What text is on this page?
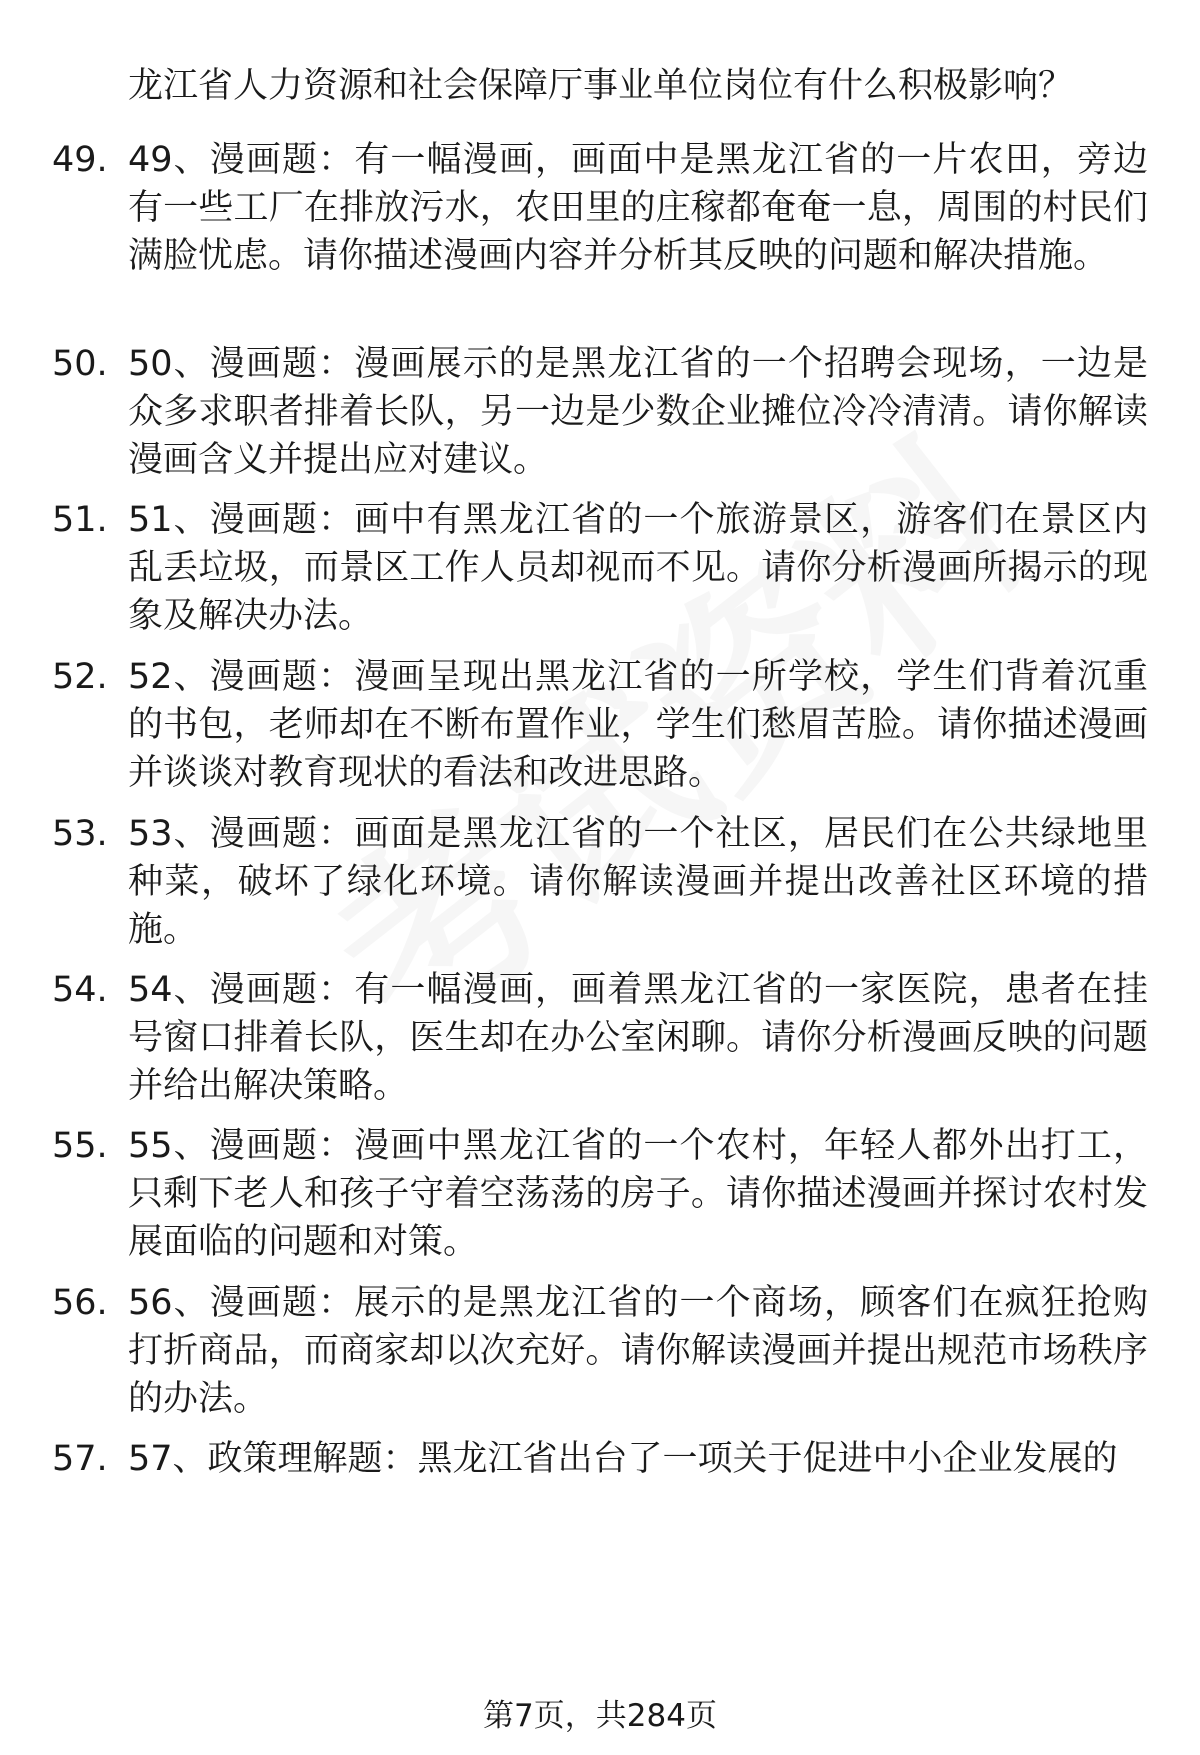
龙江省人力资源和社会保障厅事业单位岗位有什么积极影响？
49. 49、漫画题：有一幅漫画，画面中是黑龙江省的一片农田，旁边有一些工厂在排放污水，农田里的庄稼都奄奄一息，周围的村民们满脸忧虑。请你描述漫画内容并分析其反映的问题和解决措施。
50. 50、漫画题：漫画展示的是黑龙江省的一个招聘会现场，一边是众多求职者排着长队，另一边是少数企业摊位冷冷清清。请你解读漫画含义并提出应对建议。
51. 51、漫画题：画中有黑龙江省的一个旅游景区，游客们在景区内乱丢垃圾，而景区工作人员却视而不见。请你分析漫画所揭示的现象及解决办法。
52. 52、漫画题：漫画呈现出黑龙江省的一所学校，学生们背着沉重的书包，老师却在不断布置作业，学生们愁眉苦脸。请你描述漫画并谈谈对教育现状的看法和改进思路。
53. 53、漫画题：画面是黑龙江省的一个社区，居民们在公共绿地里种菜，破坏了绿化环境。请你解读漫画并提出改善社区环境的措施。
54. 54、漫画题：有一幅漫画，画着黑龙江省的一家医院，患者在挂号窗口排着长队，医生却在办公室闲聊。请你分析漫画反映的问题并给出解决策略。
55. 55、漫画题：漫画中黑龙江省的一个农村，年轻人都外出打工，只剩下老人和孩子守着空荡荡的房子。请你描述漫画并探讨农村发展面临的问题和对策。
56. 56、漫画题：展示的是黑龙江省的一个商场，顾客们在疯狂抢购打折商品，而商家却以次充好。请你解读漫画并提出规范市场秩序的办法。
57. 57、政策理解题：黑龙江省出台了一项关于促进中小企业发展的
第7页，共284页
